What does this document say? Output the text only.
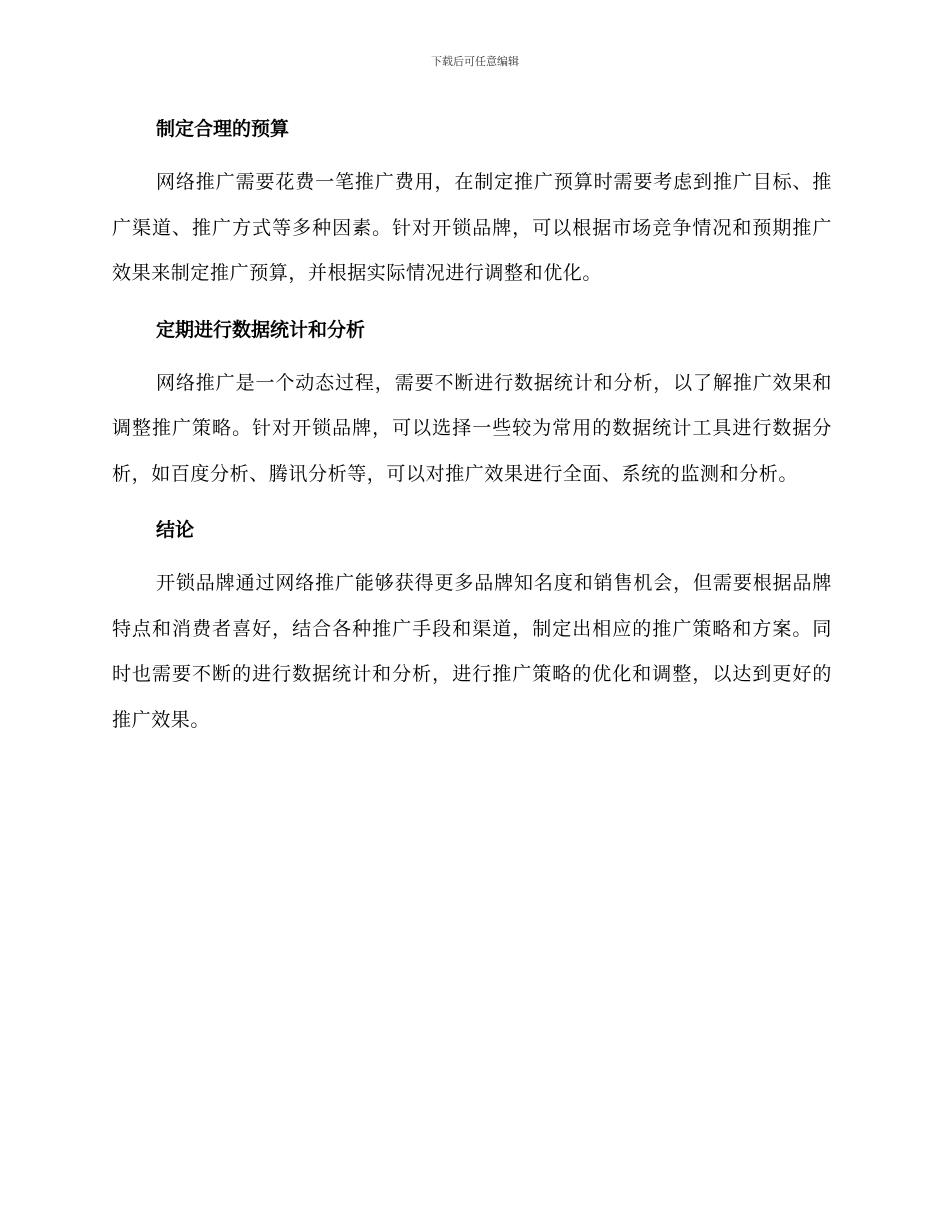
下载后可任意编辑
制定合理的预算

网络推广需要花费一笔推广费用，在制定推广预算时需要考虑到推广目标、推广渠道、推广方式等多种因素。针对开锁品牌，可以根据市场竞争情况和预期推广效果来制定推广预算，并根据实际情况进行调整和优化。

定期进行数据统计和分析

网络推广是一个动态过程，需要不断进行数据统计和分析，以了解推广效果和调整推广策略。针对开锁品牌，可以选择一些较为常用的数据统计工具进行数据分析，如百度分析、腾讯分析等，可以对推广效果进行全面、系统的监测和分析。

结论

开锁品牌通过网络推广能够获得更多品牌知名度和销售机会，但需要根据品牌特点和消费者喜好，结合各种推广手段和渠道，制定出相应的推广策略和方案。同时也需要不断的进行数据统计和分析，进行推广策略的优化和调整，以达到更好的推广效果。
